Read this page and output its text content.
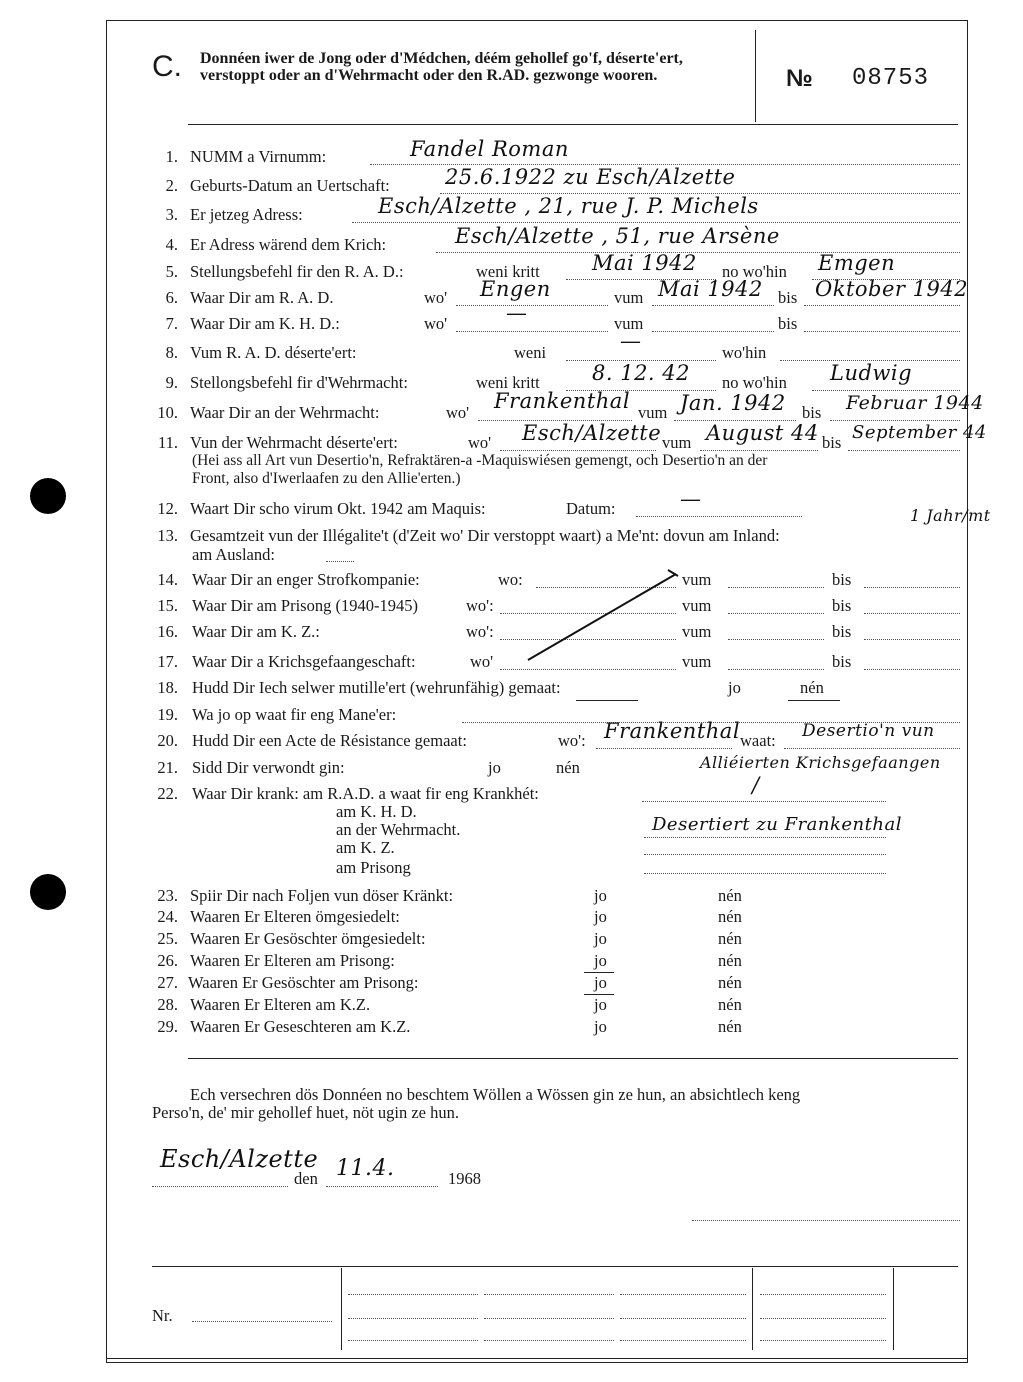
C. Donnéen iwer de Jong oder d'Médchen, déém gehollef go'f, déserte'ert, verstoppt oder an d'Wehrmacht oder den R.AD. gezwonge wooren.	№ 08753
1. NUMM a Virnumm:	Fandel Roman
2. Geburts-Datum an Uertschaft:	25.6.1922 zu Esch/Alzette
3. Er jetzeg Adress:	Esch/Alzette , 21, rue J. P. Michels
4. Er Adress wärend dem Krich:	Esch/Alzette , 51, rue Arsène
5. Stellungsbefehl fir den R. A. D.:	weni kritt Mai 1942 no wo'hin Emgen
6. Waar Dir am R. A. D.	wo' Engen	vum Mai 1942 bis Oktober 1942
7. Waar Dir am K. H. D.:	wo'	—	vum	bis
8. Vum R. A. D. déserte'ert:	weni	—	wo'hin
9. Stellongsbefehl fir d'Wehrmacht:	weni kritt 8. 12. 42 no wo'hin Ludwig
10. Waar Dir an der Wehrmacht:	wo' Frankenthal vum Jan. 1942 bis Februar 1944
11. Vun der Wehrmacht déserte'ert:	wo' Esch/Alzette vum August 44 bis September 44
(Hei ass all Art vun Desertio'n, Refraktären-a -Maquiswiésen gemengt, och Desertio'n an der
Front, also d'Iwerlaafen zu den Allie'erten.)
12. Waart Dir scho virum Okt. 1942 am Maquis:	Datum:	—
13. Gesamtzeit vun der Illégalite't (d'Zeit wo' Dir verstoppt waart) a Me'nt: dovun am Inland:
am Ausland:
1 Jahr/mt
14. Waar Dir an enger Strofkompanie:	wo:	vum	bis
15. Waar Dir am Prisong (1940-1945)	wo':	vum	bis
16. Waar Dir am K. Z.:	wo':	vum	bis
17. Waar Dir a Krichsgefaangeschaft:	wo'	vum	bis
18. Hudd Dir Iech selwer mutille'ert (wehrunfähig) gemaat:	jo	nén
19. Wa jo op waat fir eng Mane'er:
20. Hudd Dir een Acte de Résistance gemaat:	wo': Frankenthal waat: Desertio'n vun
21. Sidd Dir verwondt gin:	jo	nén	Alliéierten Krichsgefaangen
22. Waar Dir krank: am R.A.D. a waat fir eng Krankhét:	/
am K. H. D.
an der Wehrmacht.	Desertiert zu Frankenthal
am K. Z.
am Prisong
23. Spiir Dir nach Foljen vun döser Kränkt:	jo	nén
24. Waaren Er Elteren ömgesiedelt:	jo	nén
25. Waaren Er Gesöschter ömgesiedelt:	jo	nén
26. Waaren Er Elteren am Prisong:	jo	nén
27. Waaren Er Gesöschter am Prisong:	jo	nén
28. Waaren Er Elteren am K.Z.	jo	nén
29. Waaren Er Geseschteren am K.Z.	jo	nén
Ech versechren dös Donnéen no beschtem Wöllen a Wössen gin ze hun, an absichtlech keng
Perso'n, de' mir gehollef huet, nöt ugin ze hun.
Esch/Alzette
den 11.4.	1968
Nr.
